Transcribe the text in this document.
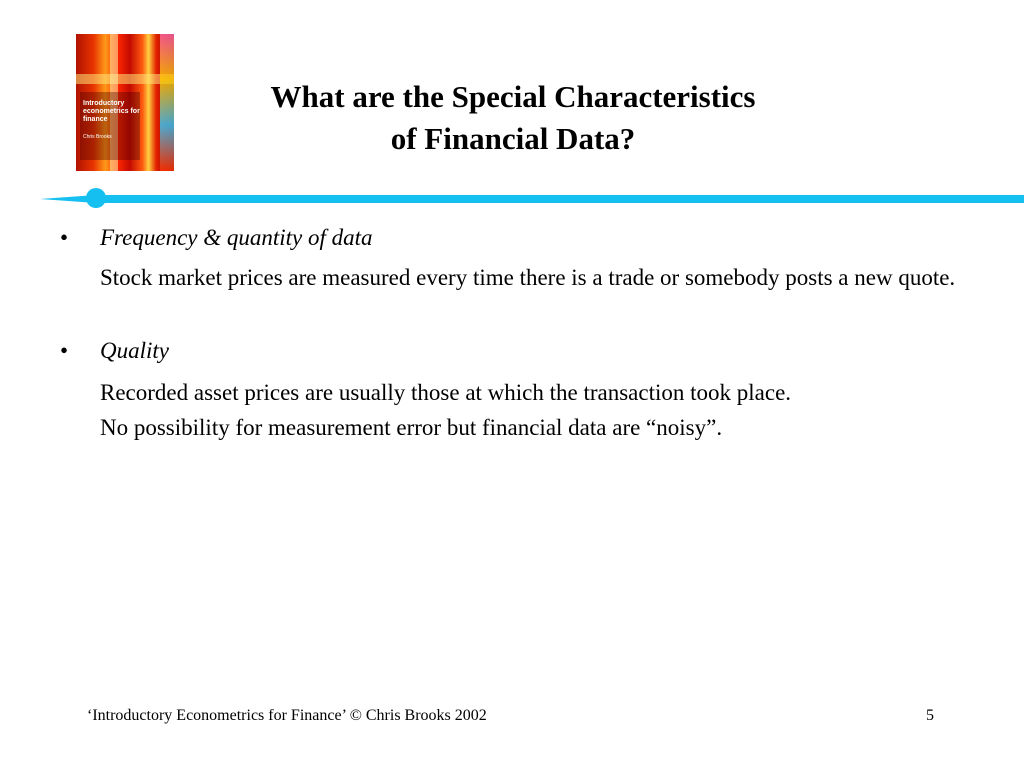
Introductory econometrics for finance
Chris Brooks
What are the Special Characteristics
of Financial Data?
• Frequency & quantity of data
Stock market prices are measured every time there is a trade or somebody posts a new quote.
• Quality
Recorded asset prices are usually those at which the transaction took place.
No possibility for measurement error but financial data are “noisy”.
‘Introductory Econometrics for Finance’ © Chris Brooks 2002	5
